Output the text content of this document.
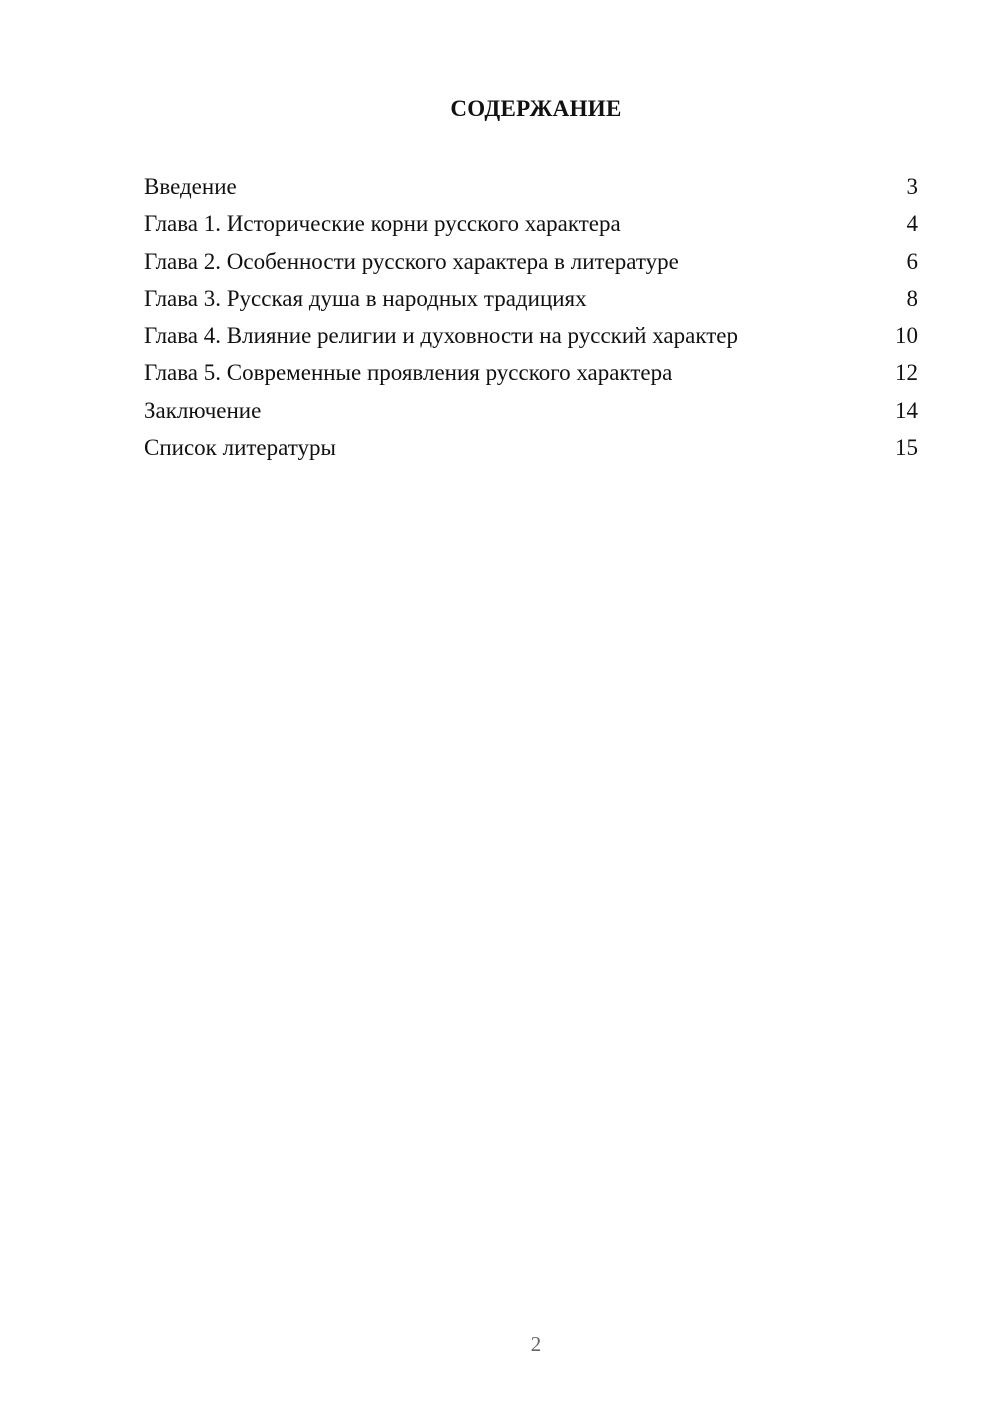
СОДЕРЖАНИЕ
Введение	3
Глава 1. Исторические корни русского характера	4
Глава 2. Особенности русского характера в литературе	6
Глава 3. Русская душа в народных традициях	8
Глава 4. Влияние религии и духовности на русский характер	10
Глава 5. Современные проявления русского характера	12
Заключение	14
Список литературы	15
2
